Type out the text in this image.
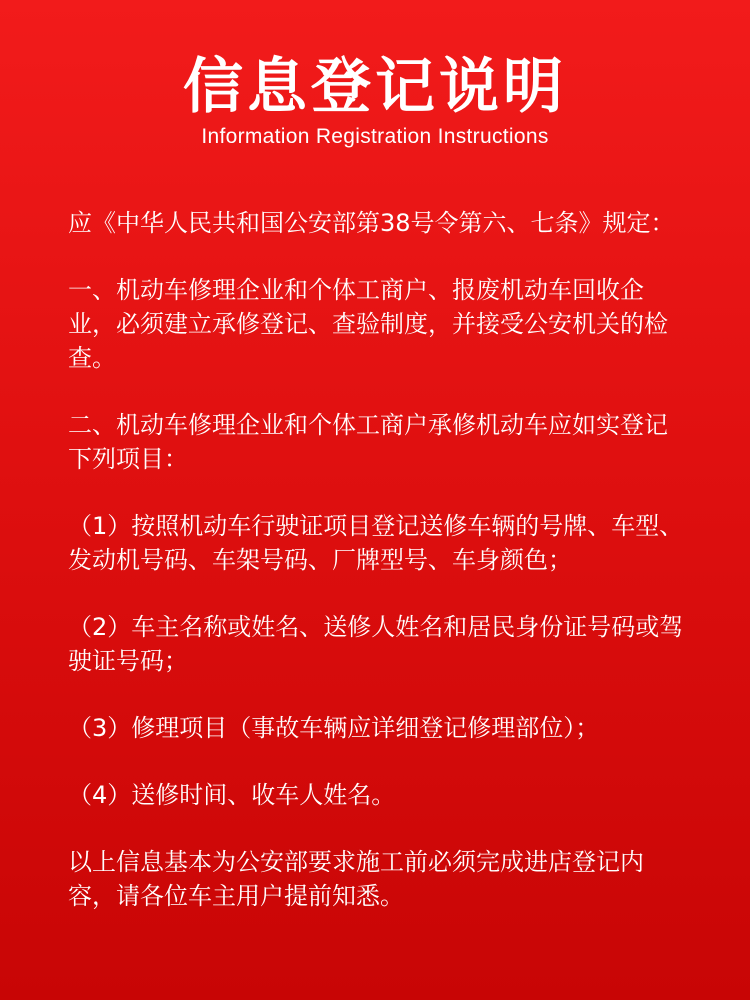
信息登记说明
Information Registration Instructions

应《中华人民共和国公安部第38号令第六、七条》规定：

一、机动车修理企业和个体工商户、报废机动车回收企业，必须建立承修登记、查验制度，并接受公安机关的检查。

二、机动车修理企业和个体工商户承修机动车应如实登记下列项目：

（1）按照机动车行驶证项目登记送修车辆的号牌、车型、发动机号码、车架号码、厂牌型号、车身颜色；

（2）车主名称或姓名、送修人姓名和居民身份证号码或驾驶证号码；

（3）修理项目（事故车辆应详细登记修理部位）；

（4）送修时间、收车人姓名。

以上信息基本为公安部要求施工前必须完成进店登记内容，请各位车主用户提前知悉。
